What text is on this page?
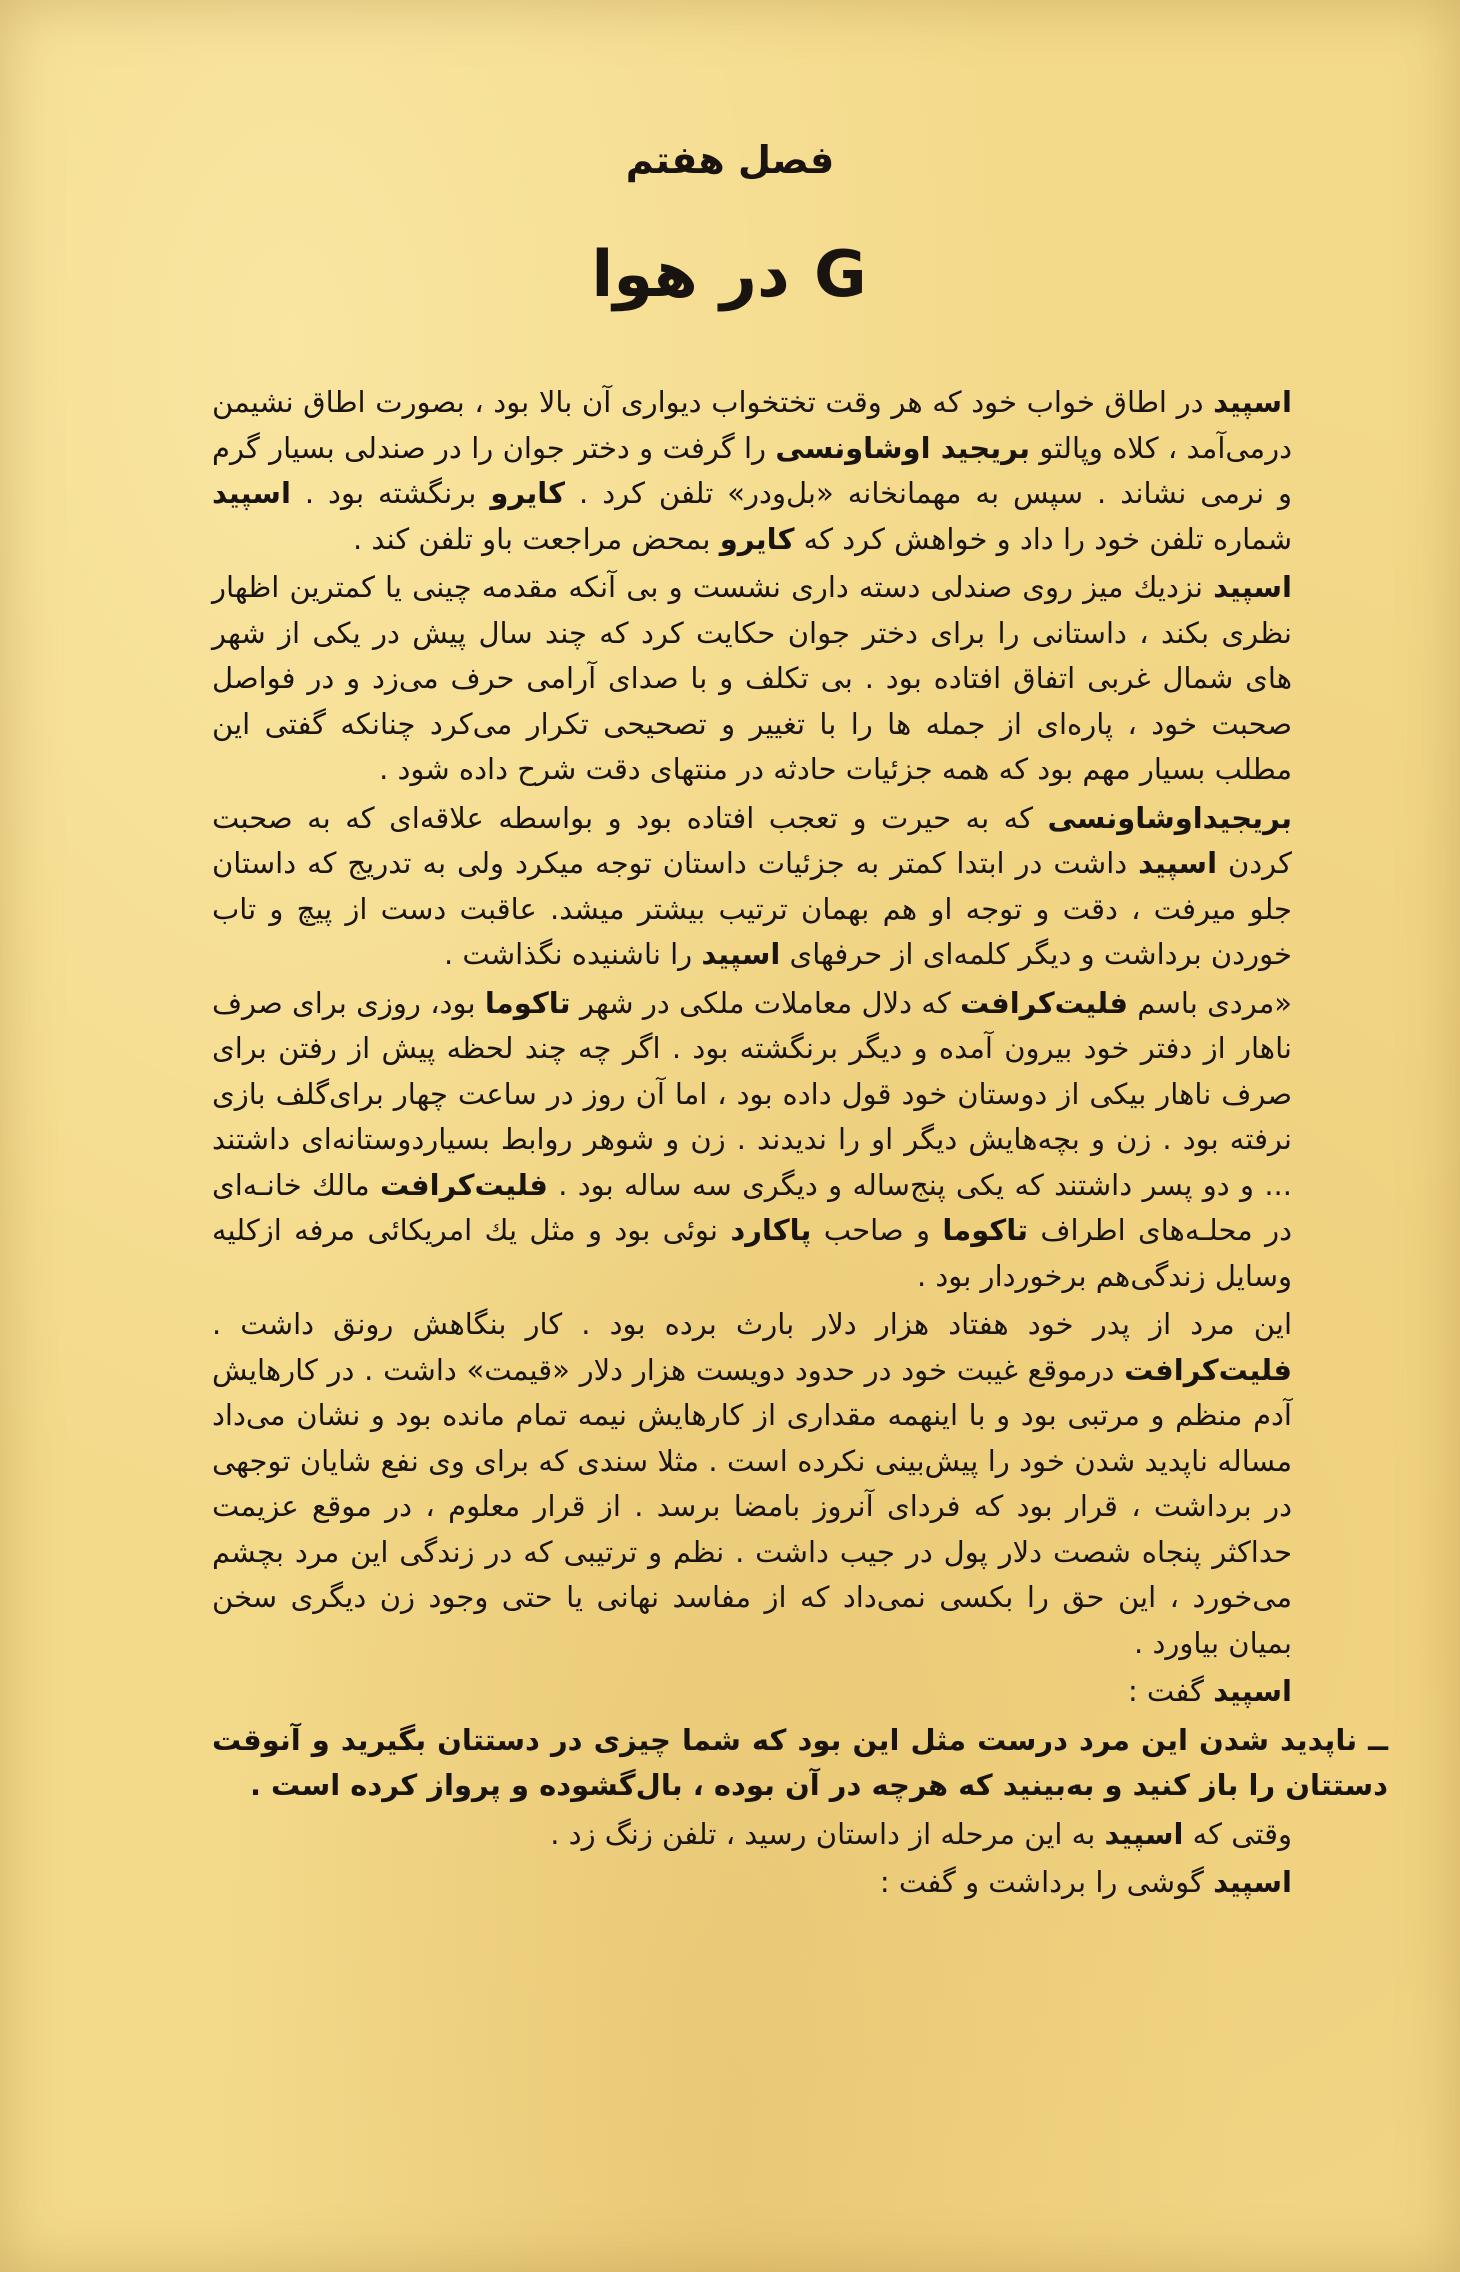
فصل هفتم
G در هوا

اسپید در اطاق خواب خود که هر وقت تختخواب دیواری آن بالا بود ، بصورت اطاق نشیمن درمی‌آمد ، کلاه وپالتو بریجید اوشاونسی را گرفت و دختر جوان را در صندلی بسیار گرم و نرمی نشاند . سپس به مهمانخانه «بل‌ودر» تلفن کرد . کایرو برنگشته بود . اسپید شماره تلفن خود را داد و خواهش کرد که کایرو بمحض مراجعت باو تلفن کند .

اسپید نزدیك میز روی صندلی دسته داری نشست و بی آنکه مقدمه چینی یا کمترین اظهار نظری بکند ، داستانی را برای دختر جوان حکایت کرد که چند سال پیش در یکی از شهر های شمال غربی اتفاق افتاده بود . بی تکلف و با صدای آرامی حرف می‌زد و در فواصل صحبت خود ، پاره‌ای از جمله ها را با تغییر و تصحیحی تکرار می‌کرد چنانکه گفتی این مطلب بسیار مهم بود که همه جزئیات حادثه در منتهای دقت شرح داده شود .

بریجیداوشاونسی که به حیرت و تعجب افتاده بود و بواسطه علاقه‌ای که به صحبت کردن اسپید داشت در ابتدا کمتر به جزئیات داستان توجه میکرد ولی به تدریج که داستان جلو میرفت ، دقت و توجه او هم بهمان ترتیب بیشتر میشد. عاقبت دست از پیچ و تاب خوردن برداشت و دیگر کلمه‌ای از حرفهای اسپید را ناشنیده نگذاشت .

«مردی باسم فلیت‌کرافت که دلال معاملات ملکی در شهر تاکوما بود، روزی برای صرف ناهار از دفتر خود بیرون آمده و دیگر برنگشته بود . اگر چه چند لحظه پیش از رفتن برای صرف ناهار بیکی از دوستان خود قول داده بود ، اما آن روز در ساعت چهار برای‌گلف بازی نرفته بود . زن و بچه‌هایش دیگر او را ندیدند . زن و شوهر روابط بسیاردوستانه‌ای داشتند ... و دو پسر داشتند که یکی پنج‌ساله و دیگری سه ساله بود . فلیت‌کرافت مالك خانـه‌ای در محلـه‌های اطراف تاکوما و صاحب پاکارد نوئی بود و مثل یك امریکائی مرفه ازکلیه وسایل زندگی‌هم برخوردار بود .

این مرد از پدر خود هفتاد هزار دلار بارث برده بود . کار بنگاهش رونق داشت . فلیت‌کرافت درموقع غیبت خود در حدود دویست هزار دلار «قیمت» داشت . در کارهایش آدم منظم و مرتبی بود و با اینهمه مقداری از کارهایش نیمه تمام مانده بود و نشان می‌داد مساله ناپدید شدن خود را پیش‌بینی نکرده است . مثلا سندی که برای وی نفع شایان توجهی در برداشت ، قرار بود که فردای آنروز بامضا برسد . از قرار معلوم ، در موقع عزیمت حداکثر پنجاه شصت دلار پول در جیب داشت . نظم و ترتیبی که در زندگی این مرد بچشم می‌خورد ، این حق را بکسی نمی‌داد که از مفاسد نهانی یا حتی وجود زن دیگری سخن بمیان بیاورد .

اسپید گفت :

ــ ناپدید شدن این مرد درست مثل این بود که شما چیزی در دستتان بگیرید و آنوقت دستتان را باز کنید و به‌بینید که هرچه در آن بوده ، بال‌گشوده و پرواز کرده است .

وقتی که اسپید به این مرحله از داستان رسید ، تلفن زنگ زد .

اسپید گوشی را برداشت و گفت :
